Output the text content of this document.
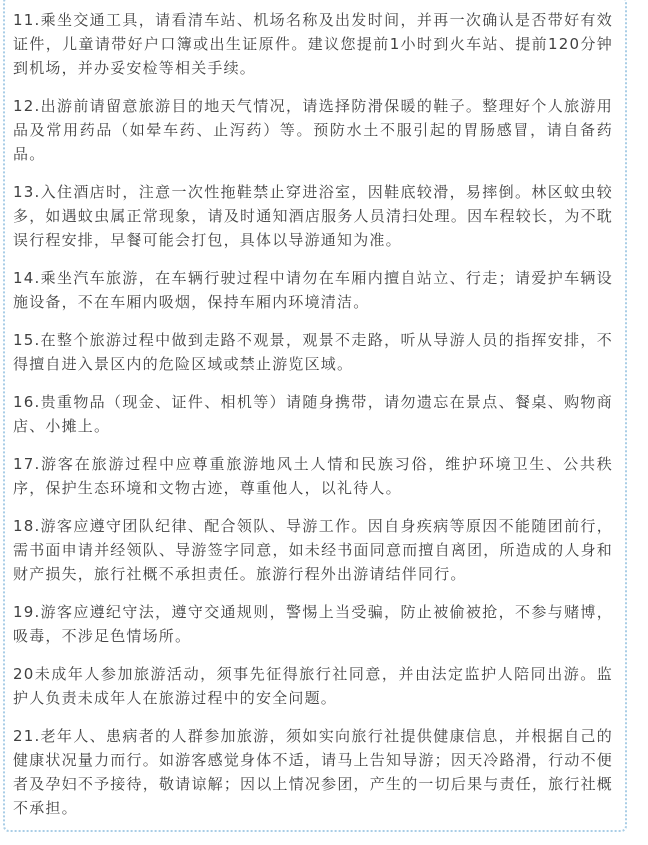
11.乘坐交通工具，请看清车站、机场名称及出发时间，并再一次确认是否带好有效证件，儿童请带好户口簿或出生证原件。建议您提前1小时到火车站、提前120分钟到机场，并办妥安检等相关手续。

12.出游前请留意旅游目的地天气情况，请选择防滑保暖的鞋子。整理好个人旅游用品及常用药品（如晕车药、止泻药）等。预防水土不服引起的胃肠感冒，请自备药品。

13.入住酒店时，注意一次性拖鞋禁止穿进浴室，因鞋底较滑，易摔倒。林区蚊虫较多，如遇蚊虫属正常现象，请及时通知酒店服务人员清扫处理。因车程较长，为不耽误行程安排，早餐可能会打包，具体以导游通知为准。

14.乘坐汽车旅游，在车辆行驶过程中请勿在车厢内擅自站立、行走；请爱护车辆设施设备，不在车厢内吸烟，保持车厢内环境清洁。

15.在整个旅游过程中做到走路不观景，观景不走路，听从导游人员的指挥安排，不得擅自进入景区内的危险区域或禁止游览区域。

16.贵重物品（现金、证件、相机等）请随身携带，请勿遗忘在景点、餐桌、购物商店、小摊上。

17.游客在旅游过程中应尊重旅游地风土人情和民族习俗，维护环境卫生、公共秩序，保护生态环境和文物古迹，尊重他人，以礼待人。

18.游客应遵守团队纪律、配合领队、导游工作。因自身疾病等原因不能随团前行，需书面申请并经领队、导游签字同意，如未经书面同意而擅自离团，所造成的人身和财产损失，旅行社概不承担责任。旅游行程外出游请结伴同行。

19.游客应遵纪守法，遵守交通规则，警惕上当受骗，防止被偷被抢，不参与赌博，吸毒，不涉足色情场所。

20未成年人参加旅游活动，须事先征得旅行社同意，并由法定监护人陪同出游。监护人负责未成年人在旅游过程中的安全问题。

21.老年人、患病者的人群参加旅游，须如实向旅行社提供健康信息，并根据自己的健康状况量力而行。如游客感觉身体不适，请马上告知导游；因天冷路滑，行动不便者及孕妇不予接待，敬请谅解；因以上情况参团，产生的一切后果与责任，旅行社概不承担。
